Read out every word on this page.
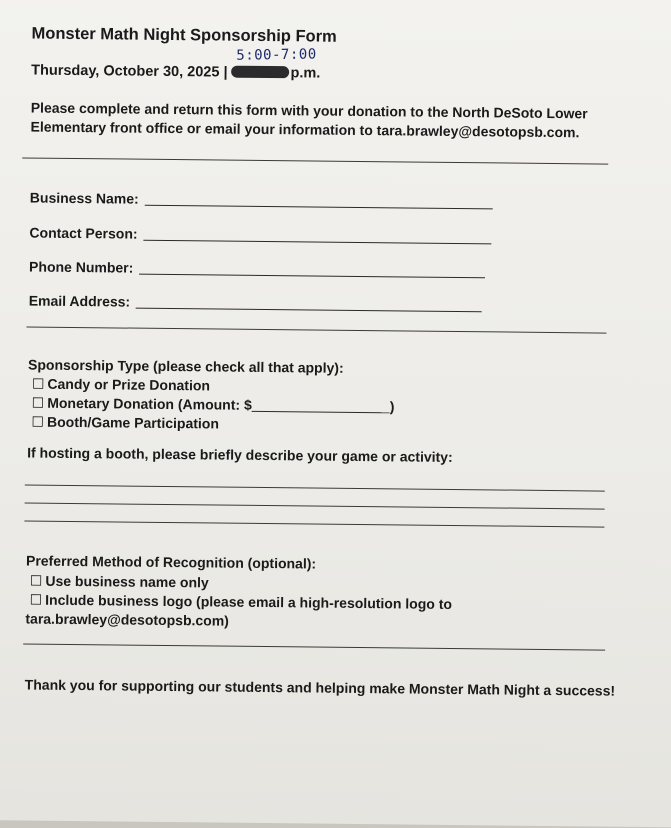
Monster Math Night Sponsorship Form
5:00-7:00
Thursday, October 30, 2025 |	p.m.
Please complete and return this form with your donation to the North DeSoto Lower Elementary front office or email your information to tara.brawley@desotopsb.com.
Business Name:
Contact Person:
Phone Number:
Email Address:
Sponsorship Type (please check all that apply):
☐ Candy or Prize Donation
☐ Monetary Donation (Amount: $	)
☐ Booth/Game Participation
If hosting a booth, please briefly describe your game or activity:
Preferred Method of Recognition (optional):
☐ Use business name only
☐ Include business logo (please email a high-resolution logo to
tara.brawley@desotopsb.com)
Thank you for supporting our students and helping make Monster Math Night a success!
